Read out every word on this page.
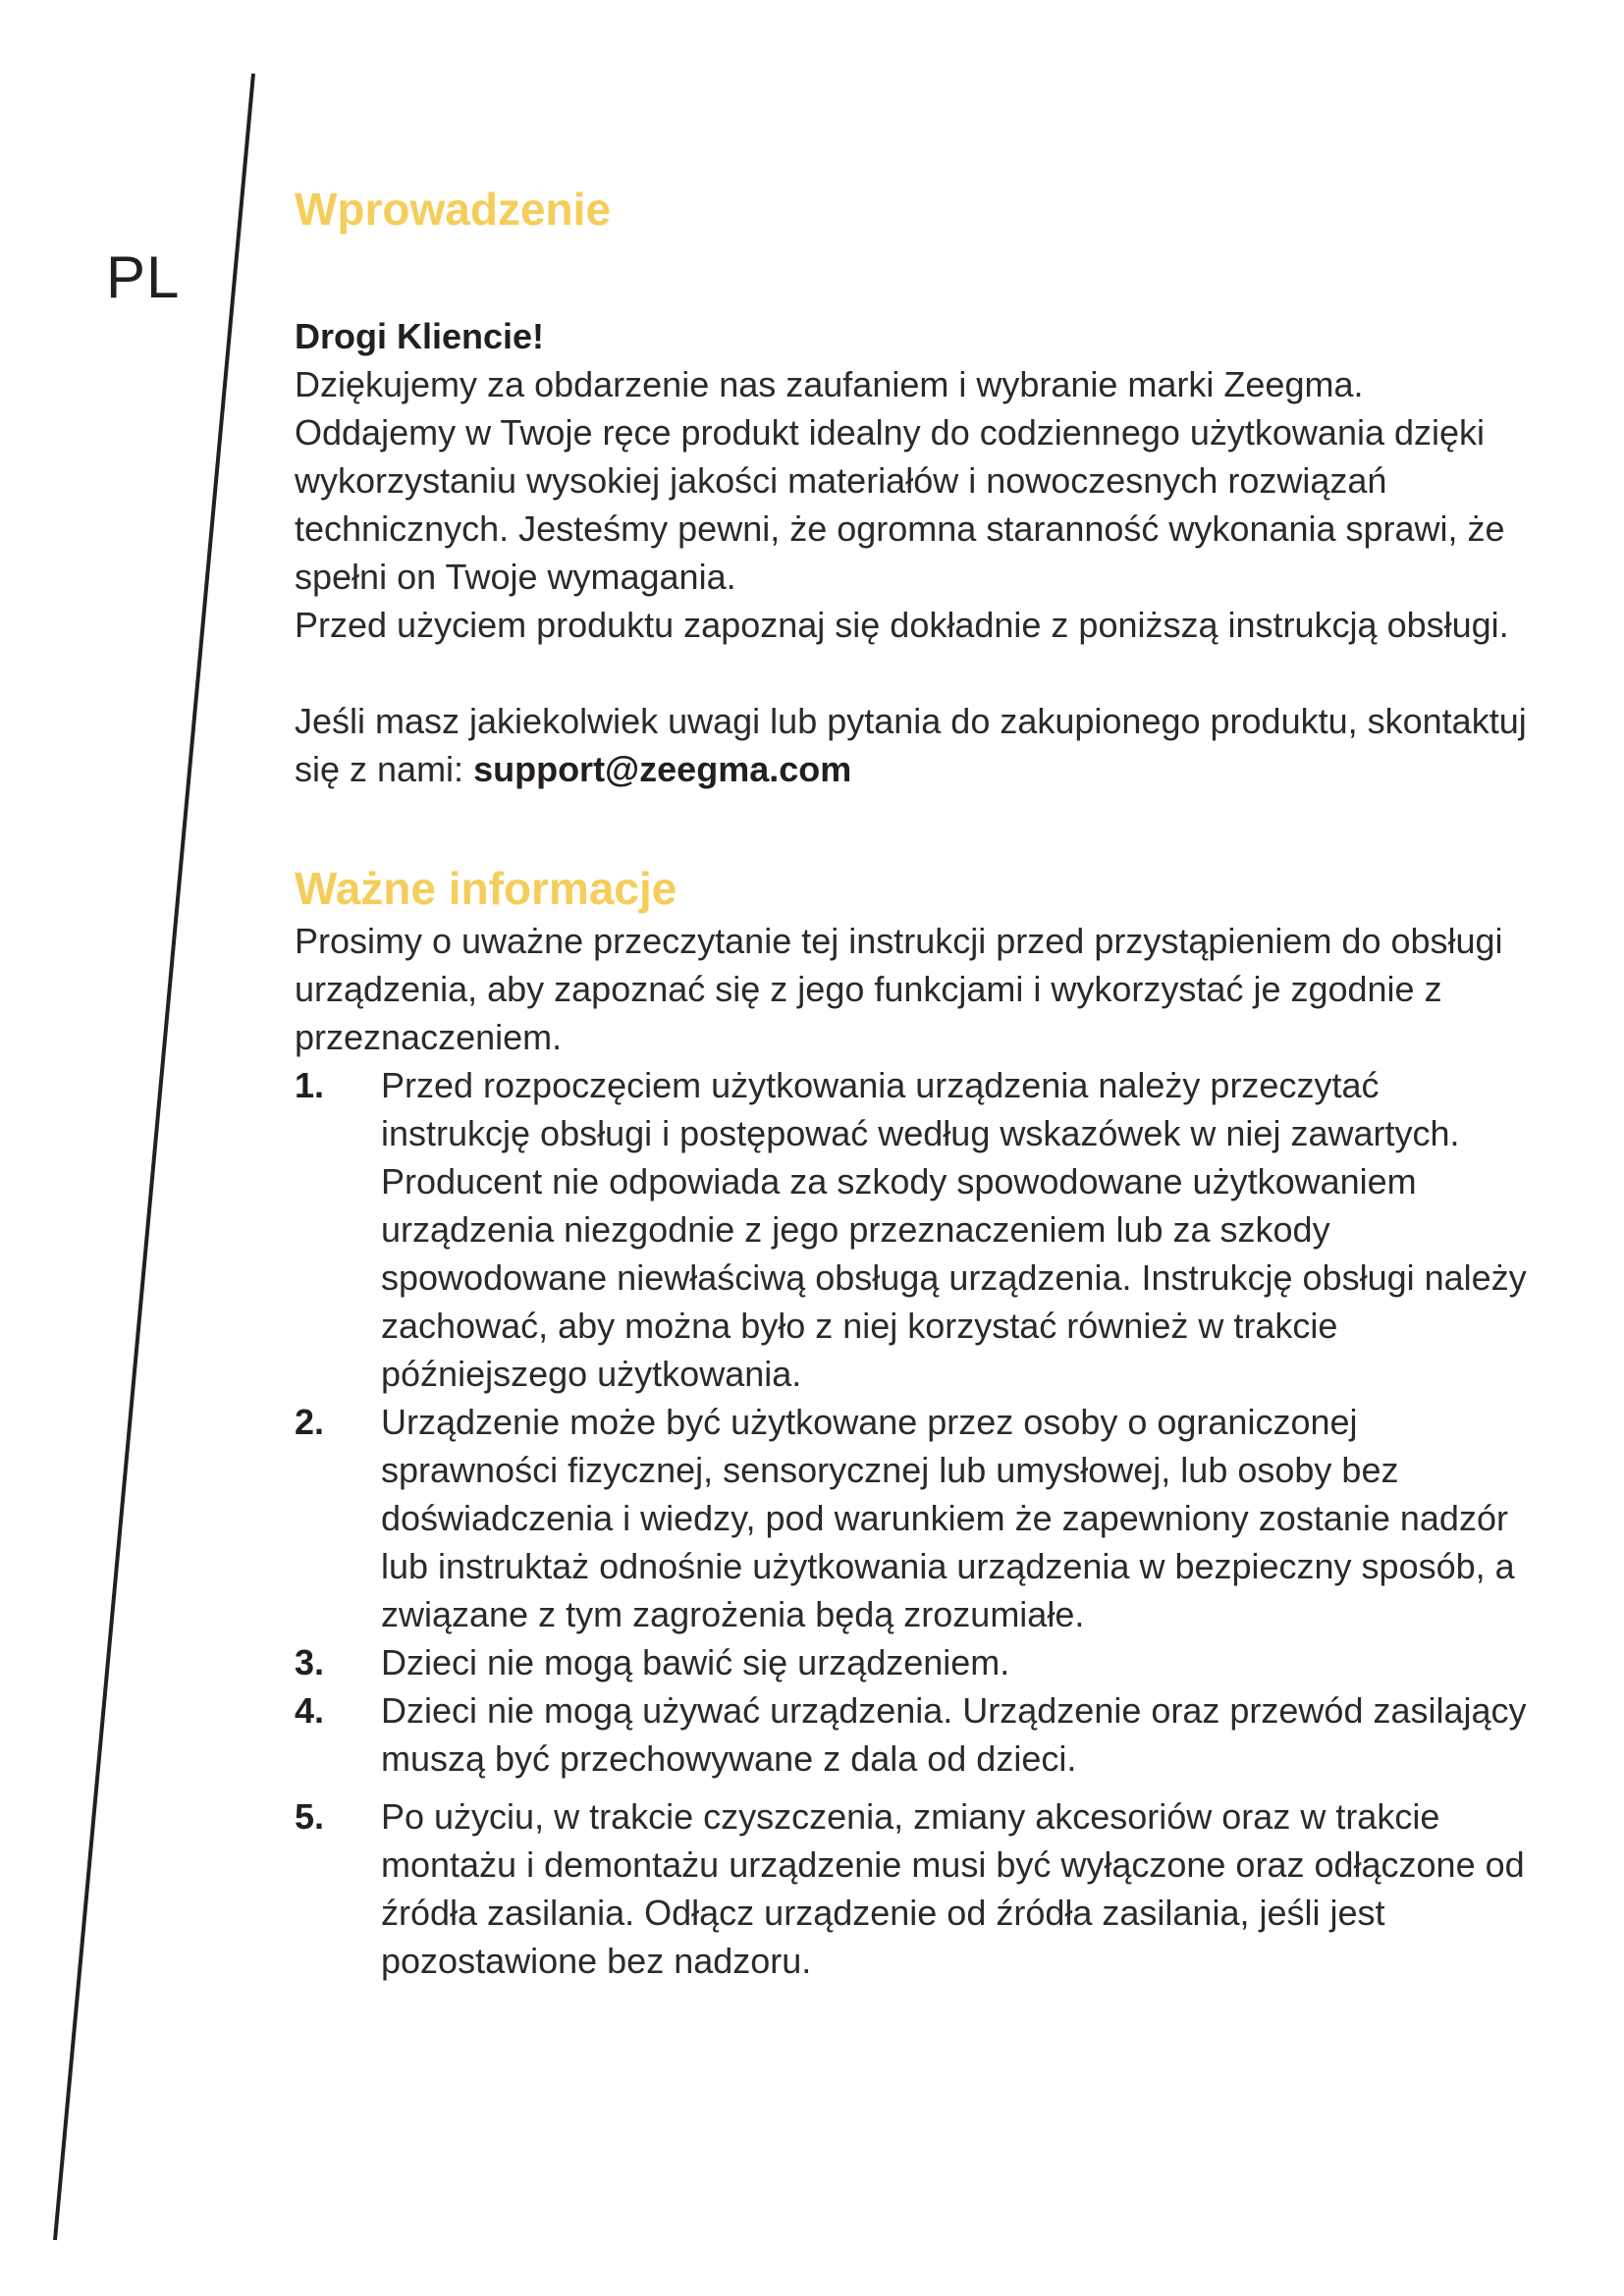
PL
Wprowadzenie

Drogi Kliencie!

Dziękujemy za obdarzenie nas zaufaniem i wybranie marki Zeegma. Oddajemy w Twoje ręce produkt idealny do codziennego użytkowania dzięki wykorzystaniu wysokiej jakości materiałów i nowoczesnych rozwiązań technicznych. Jesteśmy pewni, że ogromna staranność wykonania sprawi, że spełni on Twoje wymagania.

Przed użyciem produktu zapoznaj się dokładnie z poniższą instrukcją obsługi.

Jeśli masz jakiekolwiek uwagi lub pytania do zakupionego produktu, skontaktuj się z nami: support@zeegma.com

Ważne informacje

Prosimy o uważne przeczytanie tej instrukcji przed przystąpieniem do obsługi urządzenia, aby zapoznać się z jego funkcjami i wykorzystać je zgodnie z przeznaczeniem.

1. Przed rozpoczęciem użytkowania urządzenia należy przeczytać instrukcję obsługi i postępować według wskazówek w niej zawartych. Producent nie odpowiada za szkody spowodowane użytkowaniem urządzenia niezgodnie z jego przeznaczeniem lub za szkody spowodowane niewłaściwą obsługą urządzenia. Instrukcję obsługi należy zachować, aby można było z niej korzystać również w trakcie późniejszego użytkowania.
2. Urządzenie może być użytkowane przez osoby o ograniczonej sprawności fizycznej, sensorycznej lub umysłowej, lub osoby bez doświadczenia i wiedzy, pod warunkiem że zapewniony zostanie nadzór lub instruktaż odnośnie użytkowania urządzenia w bezpieczny sposób, a związane z tym zagrożenia będą zrozumiałe.
3. Dzieci nie mogą bawić się urządzeniem.
4. Dzieci nie mogą używać urządzenia. Urządzenie oraz przewód zasilający muszą być przechowywane z dala od dzieci.
5. Po użyciu, w trakcie czyszczenia, zmiany akcesoriów oraz w trakcie montażu i demontażu urządzenie musi być wyłączone oraz odłączone od źródła zasilania. Odłącz urządzenie od źródła zasilania, jeśli jest pozostawione bez nadzoru.
